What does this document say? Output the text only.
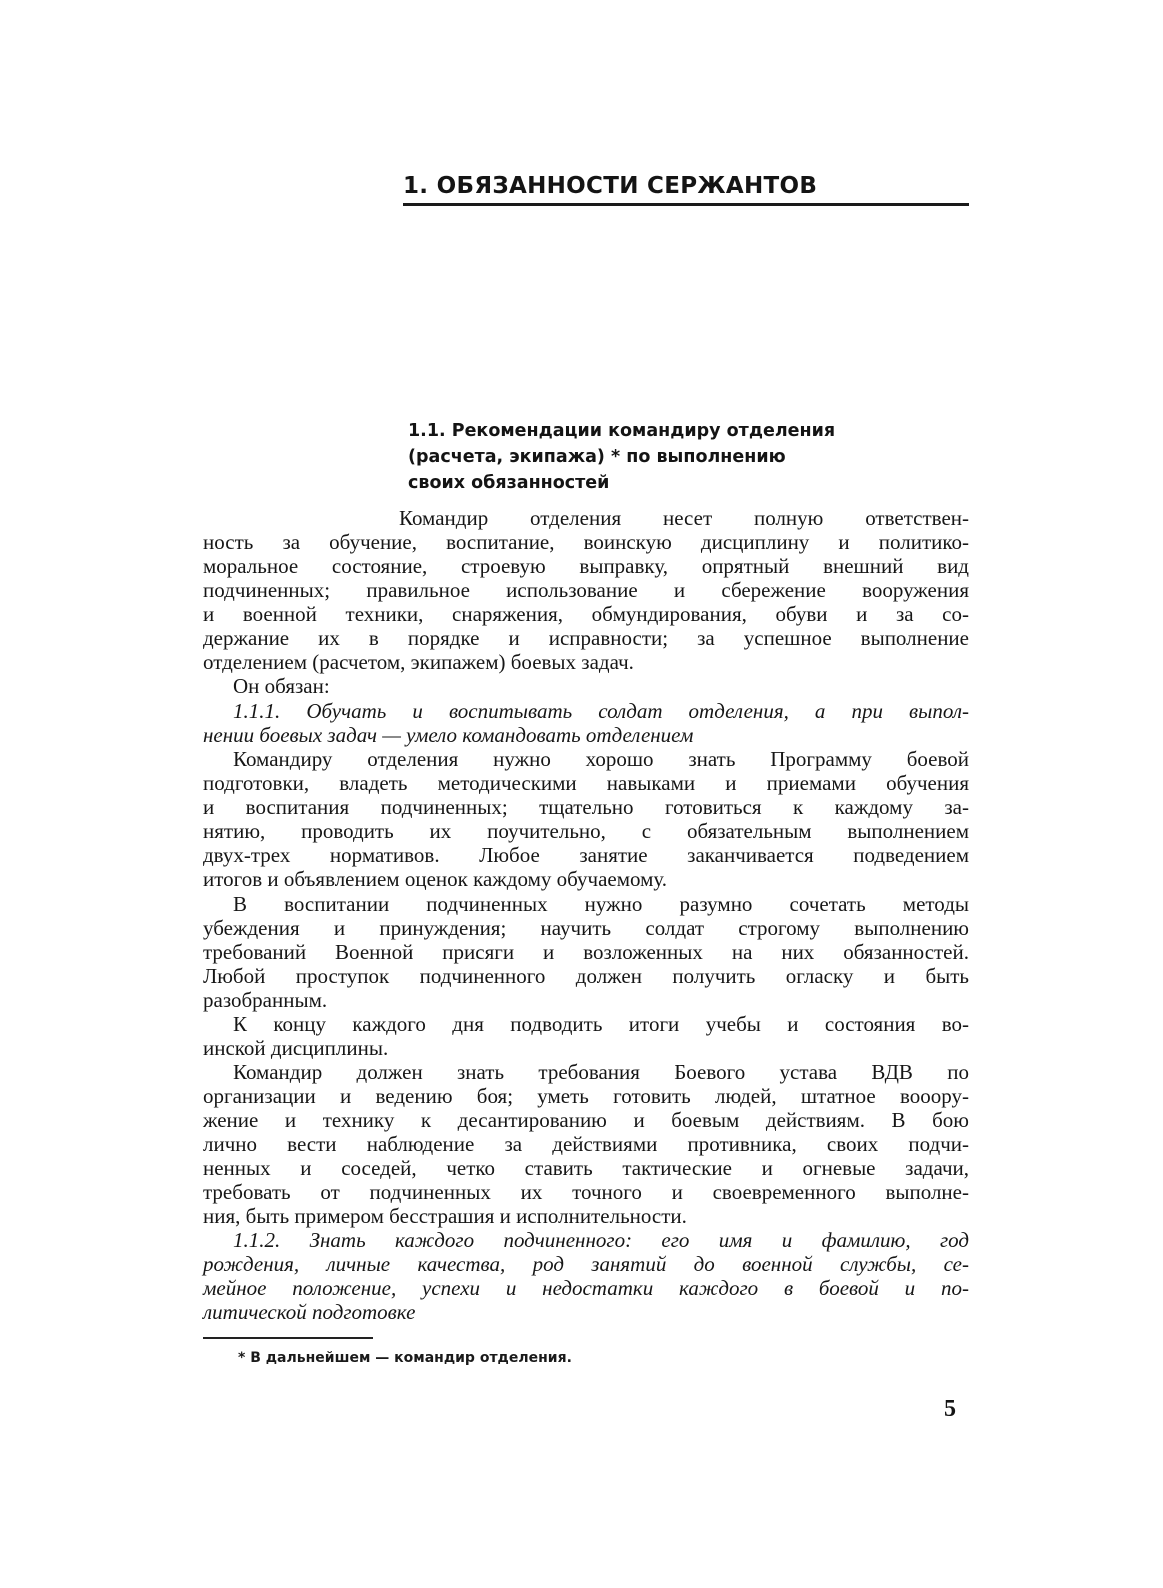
1. ОБЯЗАННОСТИ СЕРЖАНТОВ
1.1. Рекомендации командиру отделения
(расчета, экипажа) * по выполнению
своих обязанностей
Командир отделения несет полную ответствен-
ность за обучение, воспитание, воинскую дисциплину и политико-
моральное состояние, строевую выправку, опрятный внешний вид
подчиненных; правильное использование и сбережение вооружения
и военной техники, снаряжения, обмундирования, обуви и за со-
держание их в порядке и исправности; за успешное выполнение
отделением (расчетом, экипажем) боевых задач.
Он обязан:
1.1.1. Обучать и воспитывать солдат отделения, а при выпол-
нении боевых задач — умело командовать отделением
Командиру отделения нужно хорошо знать Программу боевой
подготовки, владеть методическими навыками и приемами обучения
и воспитания подчиненных; тщательно готовиться к каждому за-
нятию, проводить их поучительно, с обязательным выполнением
двух-трех нормативов. Любое занятие заканчивается подведением
итогов и объявлением оценок каждому обучаемому.
В воспитании подчиненных нужно разумно сочетать методы
убеждения и принуждения; научить солдат строгому выполнению
требований Военной присяги и возложенных на них обязанностей.
Любой проступок подчиненного должен получить огласку и быть
разобранным.
К концу каждого дня подводить итоги учебы и состояния во-
инской дисциплины.
Командир должен знать требования Боевого устава ВДВ по
организации и ведению боя; уметь готовить людей, штатное вооору-
жение и технику к десантированию и боевым действиям. В бою
лично вести наблюдение за действиями противника, своих подчи-
ненных и соседей, четко ставить тактические и огневые задачи,
требовать от подчиненных их точного и своевременного выполне-
ния, быть примером бесстрашия и исполнительности.
1.1.2. Знать каждого подчиненного: его имя и фамилию, год
рождения, личные качества, род занятий до военной службы, се-
мейное положение, успехи и недостатки каждого в боевой и по-
литической подготовке
* В дальнейшем — командир отделения.
5
